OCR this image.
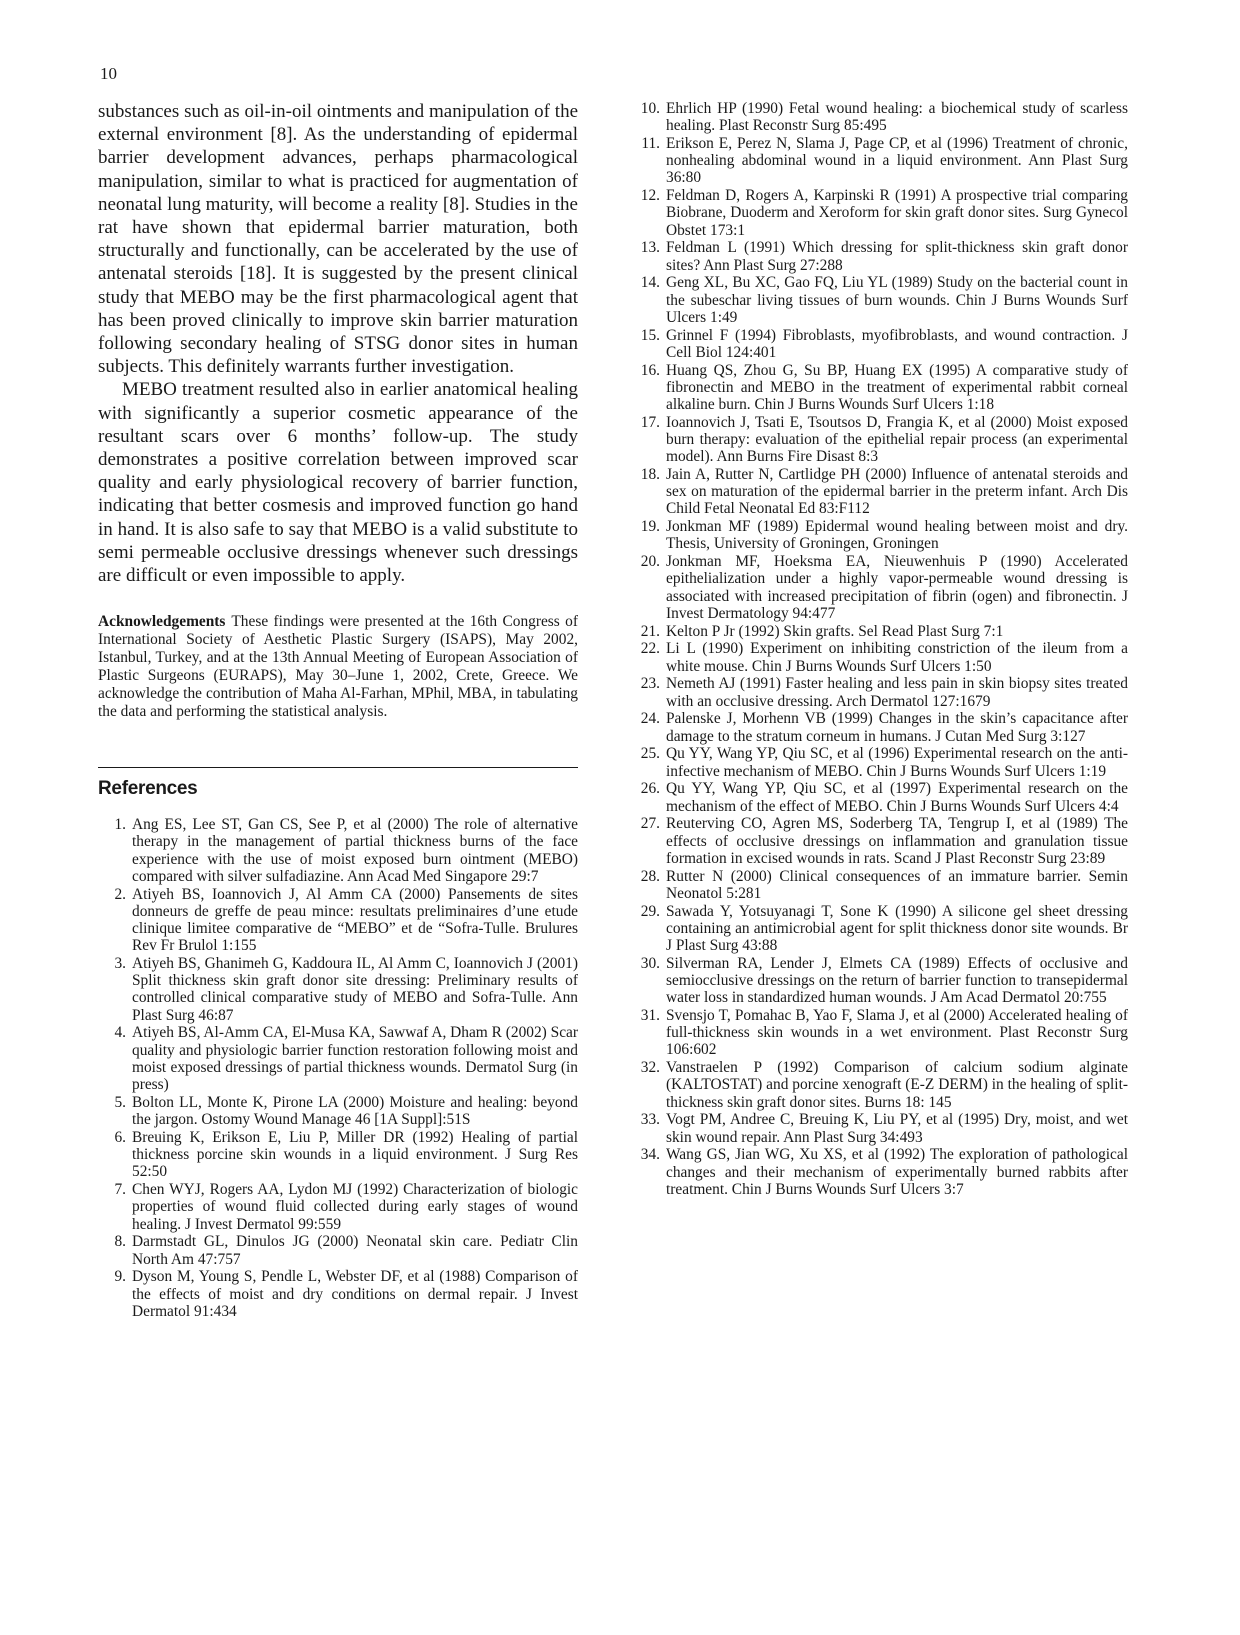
10

substances such as oil-in-oil ointments and manipulation of the external environment [8]. As the understanding of epidermal barrier development advances, perhaps pharmacological manipulation, similar to what is practiced for augmentation of neonatal lung maturity, will become a reality [8]. Studies in the rat have shown that epidermal barrier maturation, both structurally and functionally, can be accelerated by the use of antenatal steroids [18]. It is suggested by the present clinical study that MEBO may be the first pharmacological agent that has been proved clinically to improve skin barrier maturation following secondary healing of STSG donor sites in human subjects. This definitely warrants further investigation.

MEBO treatment resulted also in earlier anatomical healing with significantly a superior cosmetic appearance of the resultant scars over 6 months’ follow-up. The study demonstrates a positive correlation between improved scar quality and early physiological recovery of barrier function, indicating that better cosmesis and improved function go hand in hand. It is also safe to say that MEBO is a valid substitute to semi permeable occlusive dressings whenever such dressings are difficult or even impossible to apply.

Acknowledgements These findings were presented at the 16th Congress of International Society of Aesthetic Plastic Surgery (ISAPS), May 2002, Istanbul, Turkey, and at the 13th Annual Meeting of European Association of Plastic Surgeons (EURAPS), May 30–June 1, 2002, Crete, Greece. We acknowledge the contribution of Maha Al-Farhan, MPhil, MBA, in tabulating the data and performing the statistical analysis.
References
1. Ang ES, Lee ST, Gan CS, See P, et al (2000) The role of alternative therapy in the management of partial thickness burns of the face experience with the use of moist exposed burn ointment (MEBO) compared with silver sulfadiazine. Ann Acad Med Singapore 29:7
2. Atiyeh BS, Ioannovich J, Al Amm CA (2000) Pansements de sites donneurs de greffe de peau mince: resultats preliminaires d’une etude clinique limitee comparative de “MEBO” et de “Sofra-Tulle. Brulures Rev Fr Brulol 1:155
3. Atiyeh BS, Ghanimeh G, Kaddoura IL, Al Amm C, Ioannovich J (2001) Split thickness skin graft donor site dressing: Preliminary results of controlled clinical comparative study of MEBO and Sofra-Tulle. Ann Plast Surg 46:87
4. Atiyeh BS, Al-Amm CA, El-Musa KA, Sawwaf A, Dham R (2002) Scar quality and physiologic barrier function restoration following moist and moist exposed dressings of partial thickness wounds. Dermatol Surg (in press)
5. Bolton LL, Monte K, Pirone LA (2000) Moisture and healing: beyond the jargon. Ostomy Wound Manage 46 [1A Suppl]:51S
6. Breuing K, Erikson E, Liu P, Miller DR (1992) Healing of partial thickness porcine skin wounds in a liquid environment. J Surg Res 52:50
7. Chen WYJ, Rogers AA, Lydon MJ (1992) Characterization of biologic properties of wound fluid collected during early stages of wound healing. J Invest Dermatol 99:559
8. Darmstadt GL, Dinulos JG (2000) Neonatal skin care. Pediatr Clin North Am 47:757
9. Dyson M, Young S, Pendle L, Webster DF, et al (1988) Comparison of the effects of moist and dry conditions on dermal repair. J Invest Dermatol 91:434
10. Ehrlich HP (1990) Fetal wound healing: a biochemical study of scarless healing. Plast Reconstr Surg 85:495
11. Erikson E, Perez N, Slama J, Page CP, et al (1996) Treatment of chronic, nonhealing abdominal wound in a liquid environment. Ann Plast Surg 36:80
12. Feldman D, Rogers A, Karpinski R (1991) A prospective trial comparing Biobrane, Duoderm and Xeroform for skin graft donor sites. Surg Gynecol Obstet 173:1
13. Feldman L (1991) Which dressing for split-thickness skin graft donor sites? Ann Plast Surg 27:288
14. Geng XL, Bu XC, Gao FQ, Liu YL (1989) Study on the bacterial count in the subeschar living tissues of burn wounds. Chin J Burns Wounds Surf Ulcers 1:49
15. Grinnel F (1994) Fibroblasts, myofibroblasts, and wound contraction. J Cell Biol 124:401
16. Huang QS, Zhou G, Su BP, Huang EX (1995) A comparative study of fibronectin and MEBO in the treatment of experimental rabbit corneal alkaline burn. Chin J Burns Wounds Surf Ulcers 1:18
17. Ioannovich J, Tsati E, Tsoutsos D, Frangia K, et al (2000) Moist exposed burn therapy: evaluation of the epithelial repair process (an experimental model). Ann Burns Fire Disast 8:3
18. Jain A, Rutter N, Cartlidge PH (2000) Influence of antenatal steroids and sex on maturation of the epidermal barrier in the preterm infant. Arch Dis Child Fetal Neonatal Ed 83:F112
19. Jonkman MF (1989) Epidermal wound healing between moist and dry. Thesis, University of Groningen, Groningen
20. Jonkman MF, Hoeksma EA, Nieuwenhuis P (1990) Accelerated epithelialization under a highly vapor-permeable wound dressing is associated with increased precipitation of fibrin (ogen) and fibronectin. J Invest Dermatology 94:477
21. Kelton P Jr (1992) Skin grafts. Sel Read Plast Surg 7:1
22. Li L (1990) Experiment on inhibiting constriction of the ileum from a white mouse. Chin J Burns Wounds Surf Ulcers 1:50
23. Nemeth AJ (1991) Faster healing and less pain in skin biopsy sites treated with an occlusive dressing. Arch Dermatol 127:1679
24. Palenske J, Morhenn VB (1999) Changes in the skin’s capacitance after damage to the stratum corneum in humans. J Cutan Med Surg 3:127
25. Qu YY, Wang YP, Qiu SC, et al (1996) Experimental research on the anti-infective mechanism of MEBO. Chin J Burns Wounds Surf Ulcers 1:19
26. Qu YY, Wang YP, Qiu SC, et al (1997) Experimental research on the mechanism of the effect of MEBO. Chin J Burns Wounds Surf Ulcers 4:4
27. Reuterving CO, Agren MS, Soderberg TA, Tengrup I, et al (1989) The effects of occlusive dressings on inflammation and granulation tissue formation in excised wounds in rats. Scand J Plast Reconstr Surg 23:89
28. Rutter N (2000) Clinical consequences of an immature barrier. Semin Neonatol 5:281
29. Sawada Y, Yotsuyanagi T, Sone K (1990) A silicone gel sheet dressing containing an antimicrobial agent for split thickness donor site wounds. Br J Plast Surg 43:88
30. Silverman RA, Lender J, Elmets CA (1989) Effects of occlusive and semiocclusive dressings on the return of barrier function to transepidermal water loss in standardized human wounds. J Am Acad Dermatol 20:755
31. Svensjo T, Pomahac B, Yao F, Slama J, et al (2000) Accelerated healing of full-thickness skin wounds in a wet environment. Plast Reconstr Surg 106:602
32. Vanstraelen P (1992) Comparison of calcium sodium alginate (KALTOSTAT) and porcine xenograft (E-Z DERM) in the healing of split-thickness skin graft donor sites. Burns 18: 145
33. Vogt PM, Andree C, Breuing K, Liu PY, et al (1995) Dry, moist, and wet skin wound repair. Ann Plast Surg 34:493
34. Wang GS, Jian WG, Xu XS, et al (1992) The exploration of pathological changes and their mechanism of experimentally burned rabbits after treatment. Chin J Burns Wounds Surf Ulcers 3:7
